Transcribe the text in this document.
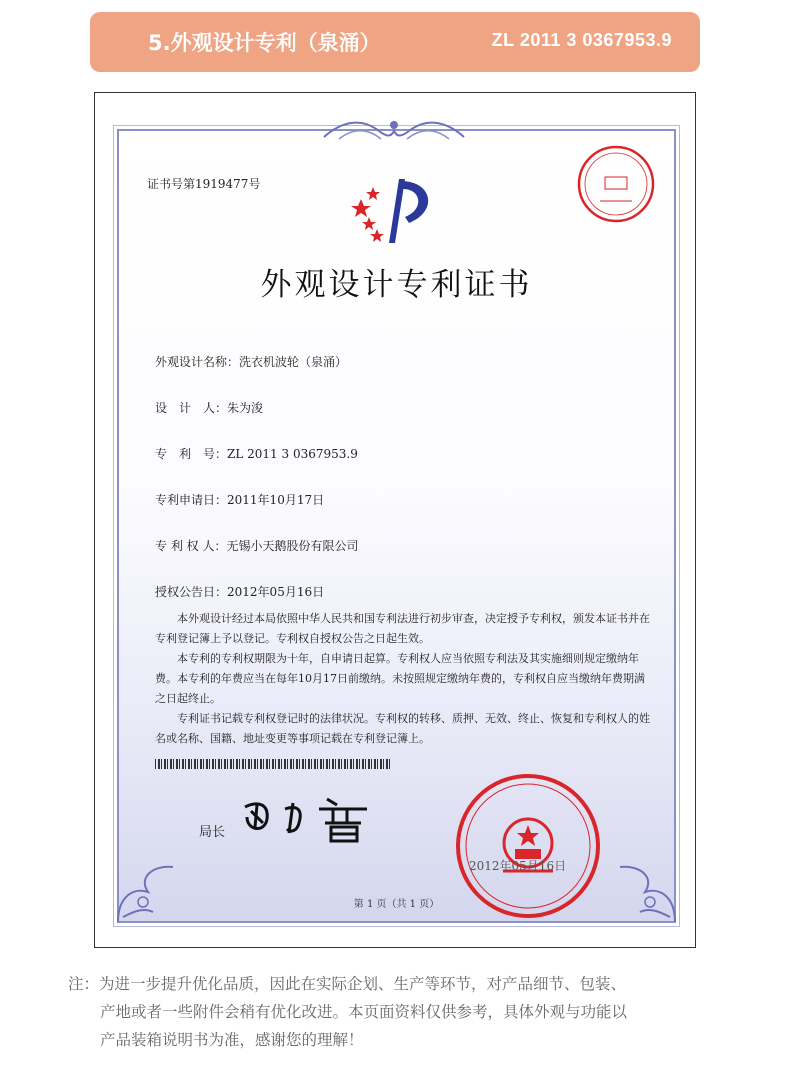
5.外观设计专利（泉涌）	ZL 2011 3 0367953.9
证书号第1919477号
外观设计专利证书
外观设计名称：洗衣机波轮（泉涌）
设　计　人：朱为浚
专　利　号：ZL 2011 3 0367953.9
专利申请日：2011年10月17日
专 利 权 人：无锡小天鹅股份有限公司
授权公告日：2012年05月16日

本外观设计经过本局依照中华人民共和国专利法进行初步审查，决定授予专利权，颁发本证书并在专利登记簿上予以登记。专利权自授权公告之日起生效。

本专利的专利权期限为十年，自申请日起算。专利权人应当依照专利法及其实施细则规定缴纳年费。本专利的年费应当在每年10月17日前缴纳。未按照规定缴纳年费的，专利权自应当缴纳年费期满之日起终止。

专利证书记载专利权登记时的法律状况。专利权的转移、质押、无效、终止、恢复和专利权人的姓名或名称、国籍、地址变更等事项记载在专利登记簿上。

局长
2012年05月16日
第 1 页（共 1 页）
注：为进一步提升优化品质，因此在实际企划、生产等环节，对产品细节、包装、
产地或者一些附件会稍有优化改进。本页面资料仅供参考，具体外观与功能以
产品装箱说明书为准，感谢您的理解！
